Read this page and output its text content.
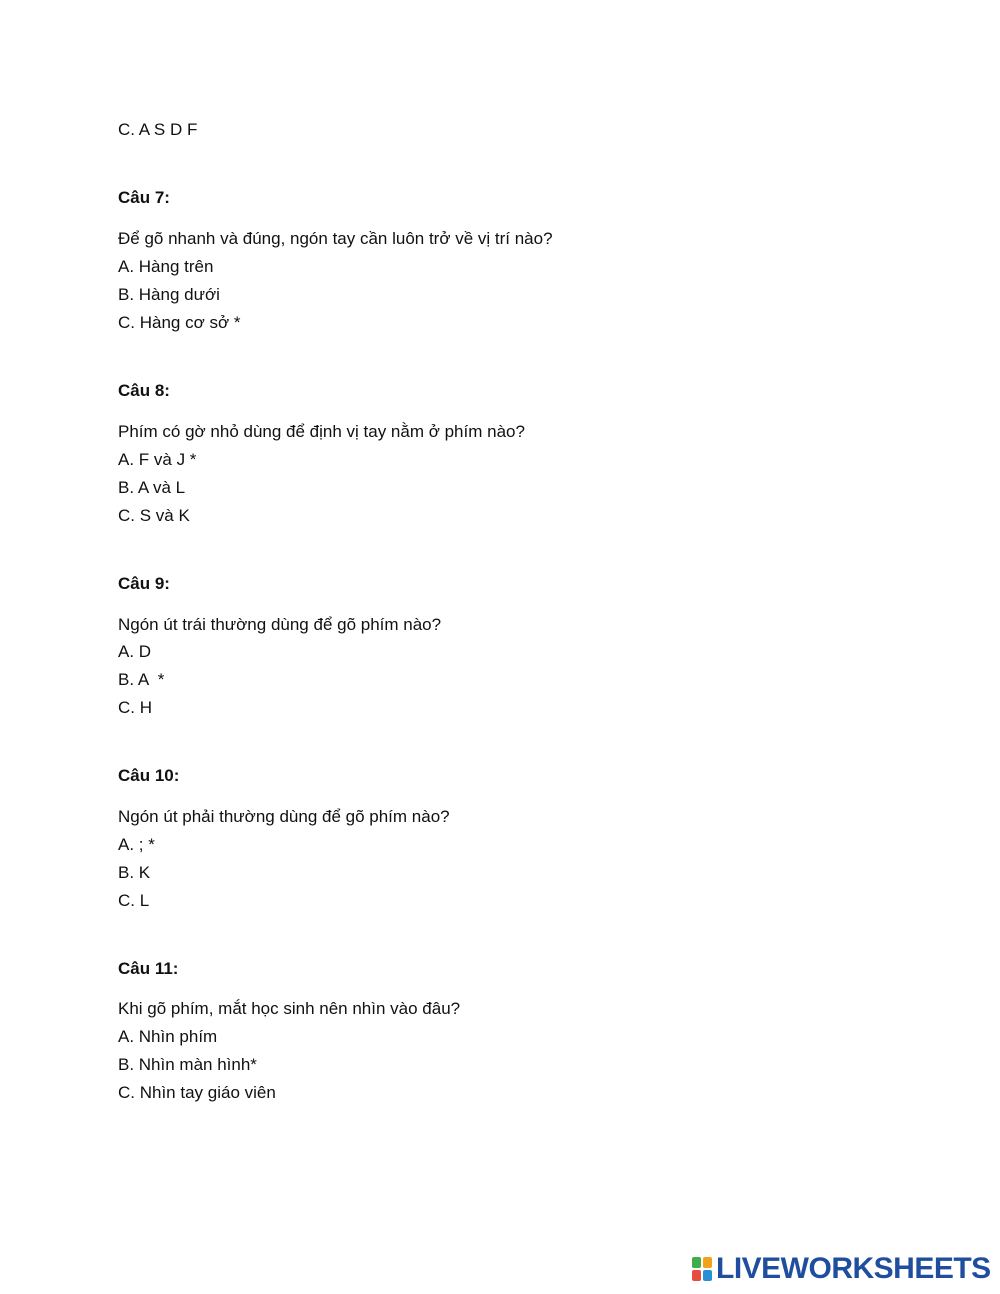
C. A S D F
Câu 7:
Để gõ nhanh và đúng, ngón tay cần luôn trở về vị trí nào?
A. Hàng trên
B. Hàng dưới
C. Hàng cơ sở *
Câu 8:
Phím có gờ nhỏ dùng để định vị tay nằm ở phím nào?
A. F và J *
B. A và L
C. S và K
Câu 9:
Ngón út trái thường dùng để gõ phím nào?
A. D
B. A  *
C. H
Câu 10:
Ngón út phải thường dùng để gõ phím nào?
A. ; *
B. K
C. L
Câu 11:
Khi gõ phím, mắt học sinh nên nhìn vào đâu?
A. Nhìn phím
B. Nhìn màn hình*
C. Nhìn tay giáo viên
LIVEWORKSHEETS
